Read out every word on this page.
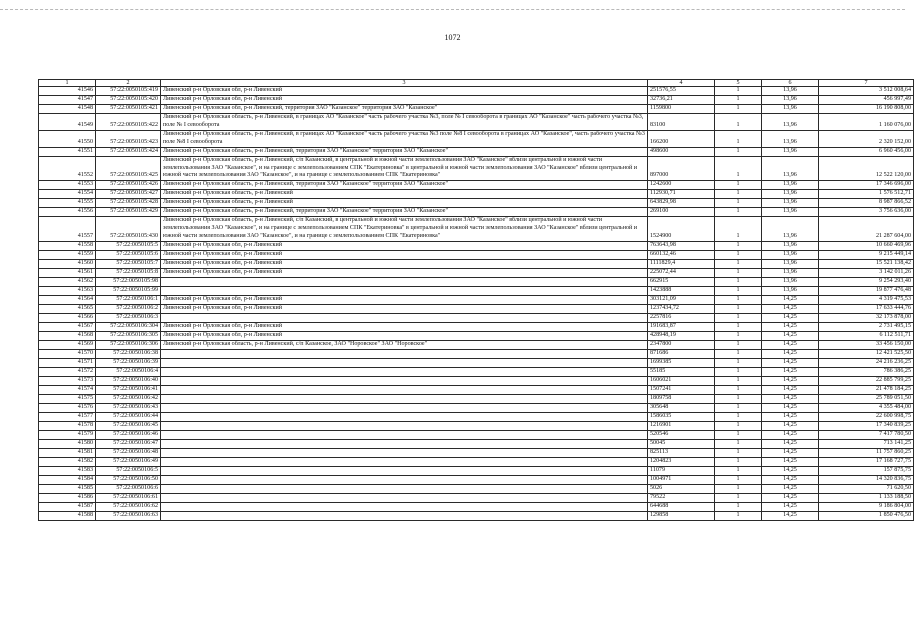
1072
1	2	3	4	5	6	7
41546	57:22:0050105:419	Ливенский р-н Орловская обл, р-н Ливенский	251576,55	1	13,96	3 512 008,64
41547	57:22:0050105:420	Ливенский р-н Орловская обл, р-н Ливенский	32736,21	1	13,96	456 997,49
41548	57:22:0050105:421	Ливенский р-н Орловская обл, р-н Ливенский, территория ЗАО "Казанское" территория ЗАО "Казанское"	1159800	1	13,96	16 190 808,00
41549	57:22:0050105:422	Ливенский р-н Орловская область, р-н Ливенский, в границах АО "Казанское" часть рабочего участка №3, поле № I севооборота в границах АО "Казанское" часть рабочего участка №3, поле № I севооборота	83100	1	13,96	1 160 076,00
41550	57:22:0050105:423	Ливенский р-н Орловская область, р-н Ливенский, в границах АО "Казанское" часть рабочего участка №3 поле №8 I севооборота в границах АО "Казанское", часть рабочего участка №3 поле №8 I севооборота	166200	1	13,96	2 320 152,00
41551	57:22:0050105:424	Ливенский р-н Орловская область, р-н Ливенский, территория ЗАО "Казанское" территория ЗАО "Казанское"	498600	1	13,96	6 960 456,00
41552	57:22:0050105:425	Ливенский р-н Орловская область, р-н Ливенский, с/п Казанский, в центральной и южной части землепользования ЗАО "Казанское" вблизи центральной и южной части землепользования ЗАО "Казанское", и на границе с землепользованием СПК "Екатериновка" в центральной и южной части землепользования ЗАО "Казанское" вблизи центральной и южной части землепользования ЗАО "Казанское", и на границе с землепользованием СПК "Екатериновка"	897000	1	13,96	12 522 120,00
41553	57:22:0050105:426	Ливенский р-н Орловская область, р-н Ливенский, территория ЗАО "Казанское" территория ЗАО "Казанское"	1242600	1	13,96	17 346 696,00
41554	57:22:0050105:427	Ливенский р-н Орловская область, р-н Ливенский	112930,71	1	13,96	1 576 512,71
41555	57:22:0050105:428	Ливенский р-н Орловская область, р-н Ливенский	643829,98	1	13,96	8 987 866,52
41556	57:22:0050105:429	Ливенский р-н Орловская область, р-н Ливенский, территория ЗАО "Казанское" территория ЗАО "Казанское"	269100	1	13,96	3 756 636,00
41557	57:22:0050105:430	Ливенский р-н Орловская область, р-н Ливенский, с/п Казанский, в центральной и южной части землепользования ЗАО "Казанское" вблизи центральной и южной части землепользования ЗАО "Казанское", и на границе с землепользованием СПК "Екатериновка" в центральной и южной части землепользования ЗАО "Казанское" вблизи центральной и южной части землепользования ЗАО "Казанское", и на границе с землепользованием СПК "Екатериновка"	1524900	1	13,96	21 287 604,00
41558	57:22:0050105:5	Ливенский р-н Орловская обл, р-н Ливенский	763643,98	1	13,96	10 660 469,96
41559	57:22:0050105:6	Ливенский р-н Орловская обл, р-н Ливенский	660132,46	1	13,96	9 215 449,14
41560	57:22:0050105:7	Ливенский р-н Орловская обл, р-н Ливенский	1111829,4	1	13,96	15 521 138,42
41561	57:22:0050105:8	Ливенский р-н Орловская обл, р-н Ливенский	225072,44	1	13,96	3 142 011,26
41562	57:22:0050105:98		662915	1	13,96	9 254 293,40
41563	57:22:0050105:99		1423888	1	13,96	19 877 476,48
41564	57:22:0050106:1	Ливенский р-н Орловская обл, р-н Ливенский	303121,09	1	14,25	4 319 475,53
41565	57:22:0050106:2	Ливенский р-н Орловская обл, р-н Ливенский	1237434,72	1	14,25	17 633 444,76
41566	57:22:0050106:3		2257816	1	14,25	32 173 878,00
41567	57:22:0050106:304	Ливенский р-н Орловская обл, р-н Ливенский	191683,87	1	14,25	2 731 495,15
41568	57:22:0050106:305	Ливенский р-н Орловская обл, р-н Ливенский	428948,19	1	14,25	6 112 511,71
41569	57:22:0050106:306	Ливенский р-н Орловская область, р-н Ливенский, с/п Казанское, ЗАО "Норовское" ЗАО "Норовское"	2347800	1	14,25	33 456 150,00
41570	57:22:0050106:38		871686	1	14,25	12 421 525,50
41571	57:22:0050106:39		1699385	1	14,25	24 216 236,25
41572	57:22:0050106:4		55185	1	14,25	786 386,25
41573	57:22:0050106:40		1606021	1	14,25	22 885 799,25
41574	57:22:0050106:41		1507241	1	14,25	21 478 184,25
41575	57:22:0050106:42		1809758	1	14,25	25 789 051,50
41576	57:22:0050106:43		305648	1	14,25	4 355 484,00
41577	57:22:0050106:44		1586035	1	14,25	22 600 998,75
41578	57:22:0050106:45		1216901	1	14,25	17 340 839,25
41579	57:22:0050106:46		520546	1	14,25	7 417 780,50
41580	57:22:0050106:47		50045	1	14,25	713 141,25
41581	57:22:0050106:48		825113	1	14,25	11 757 860,25
41582	57:22:0050106:49		1204823	1	14,25	17 168 727,75
41583	57:22:0050106:5		11079	1	14,25	157 875,75
41584	57:22:0050106:50		1004971	1	14,25	14 320 836,75
41585	57:22:0050106:6		5026	1	14,25	71 620,50
41586	57:22:0050106:61		79522	1	14,25	1 133 188,50
41587	57:22:0050106:62		644688	1	14,25	9 186 804,00
41588	57:22:0050106:63		129858	1	14,25	1 850 476,50
